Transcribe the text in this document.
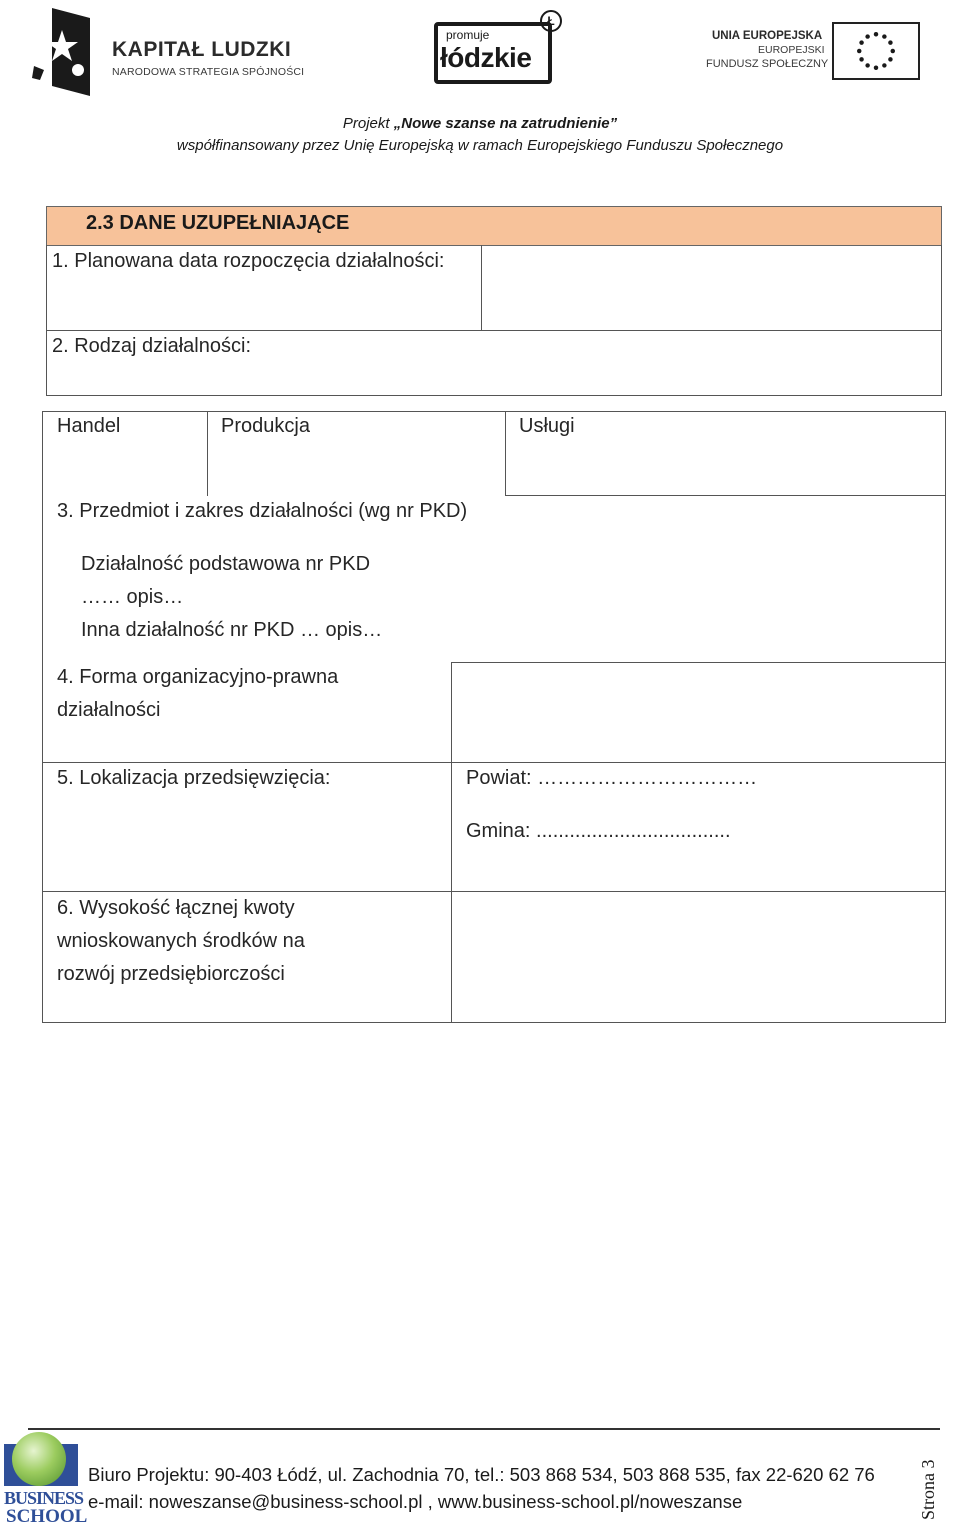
KAPITAŁ LUDZKI
NARODOWA STRATEGIA SPÓJNOŚCI
promuje
łódzkie
Ł
UNIA EUROPEJSKA
EUROPEJSKI
FUNDUSZ SPOŁECZNY
Projekt „Nowe szanse na zatrudnienie”
współfinansowany przez Unię Europejską w ramach Europejskiego Funduszu Społecznego
2.3 DANE UZUPEŁNIAJĄCE
1. Planowana data rozpoczęcia działalności:
2. Rodzaj działalności:
Handel	Produkcja	Usługi
3. Przedmiot i zakres działalności (wg nr PKD)
Działalność podstawowa nr PKD
…… opis…
Inna działalność nr PKD … opis…
4. Forma organizacyjno-prawna
działalności
5. Lokalizacja przedsięwzięcia:	Powiat: ……………………………
Gmina: ...................................
6. Wysokość łącznej kwoty
wnioskowanych środków na
rozwój przedsiębiorczości
BUSINESS
SCHOOL
Biuro Projektu: 90-403 Łódź, ul. Zachodnia 70, tel.: 503 868 534, 503 868 535, fax 22-620 62 76
e-mail: noweszanse@business-school.pl , www.business-school.pl/noweszanse	Strona 3
